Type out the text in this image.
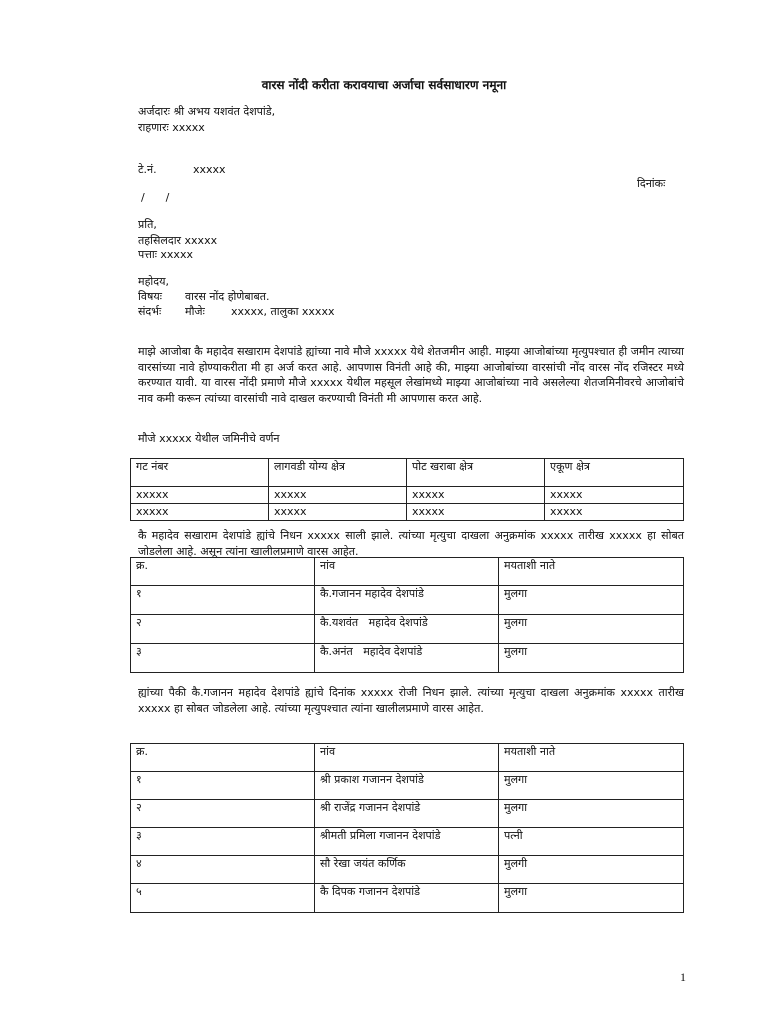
वारस नोंदी करीता करावयाचा अर्जाचा सर्वसाधारण नमूना
अर्जदारः श्री अभय यशवंत देशपांडे,
राहणारः xxxxx
टे.नं.	xxxxx
दिनांकः
/      /
प्रति,
तहसिलदार xxxxx
पत्ताः xxxxx
महोदय,
विषयः वारस नोंद होणेबाबत.
संदर्भः मौजेः xxxxx, तालुका xxxxx
माझे आजोबा कै महादेव सखाराम देशपांडे ह्यांच्या नावे मौजे xxxxx येथे शेतजमीन आही. माझ्या आजोबांच्या मृत्युपश्चात ही जमीन त्याच्या वारसांच्या नावे होण्याकरीता मी हा अर्ज करत आहे. आपणास विनंती आहे की, माझ्या आजोबांच्या वारसांची नोंद वारस नोंद रजिस्टर मध्ये करण्यात यावी. या वारस नोंदी प्रमाणे मौजे xxxxx येथील महसूल लेखांमध्ये माझ्या आजोबांच्या नावे असलेल्या शेतजमिनीवरचे आजोबांचे नाव कमी करून त्यांच्या वारसांची नावे दाखल करण्याची विनंती मी आपणास करत आहे.
मौजे xxxxx येथील जमिनीचे वर्णन
गट नंबर	लागवडी योग्य क्षेत्र	पोट खराबा क्षेत्र	एकूण क्षेत्र
xxxxx	xxxxx	xxxxx	xxxxx
xxxxx	xxxxx	xxxxx	xxxxx
कै महादेव सखाराम देशपांडे ह्यांचे निधन xxxxx साली झाले. त्यांच्या मृत्युचा दाखला अनुक्रमांक xxxxx तारीख xxxxx हा सोबत जोडलेला आहे. असून त्यांना खालीलप्रमाणे वारस आहेत.
क्र.	नांव	मयताशी नाते
१	कै.गजानन महादेव देशपांडे	मुलगा
२	कै.यशवंत   महादेव देशपांडे	मुलगा
३	कै.अनंत   महादेव देशपांडे	मुलगा
ह्यांच्या पैकी कै.गजानन महादेव देशपांडे ह्यांचे दिनांक xxxxx रोजी निधन झाले. त्यांच्या मृत्युचा दाखला अनुक्रमांक xxxxx तारीख xxxxx हा सोबत जोडलेला आहे. त्यांच्या मृत्युपश्चात त्यांना खालीलप्रमाणे वारस आहेत.
क्र.	नांव	मयताशी नाते
१	श्री प्रकाश गजानन देशपांडे	मुलगा
२	श्री राजेंद्र गजानन देशपांडे	मुलगा
३	श्रीमती प्रमिला गजानन देशपांडे	पत्नी
४	सौ रेखा जयंत कर्णिक	मुलगी
५	कै दिपक गजानन देशपांडे	मुलगा
1
